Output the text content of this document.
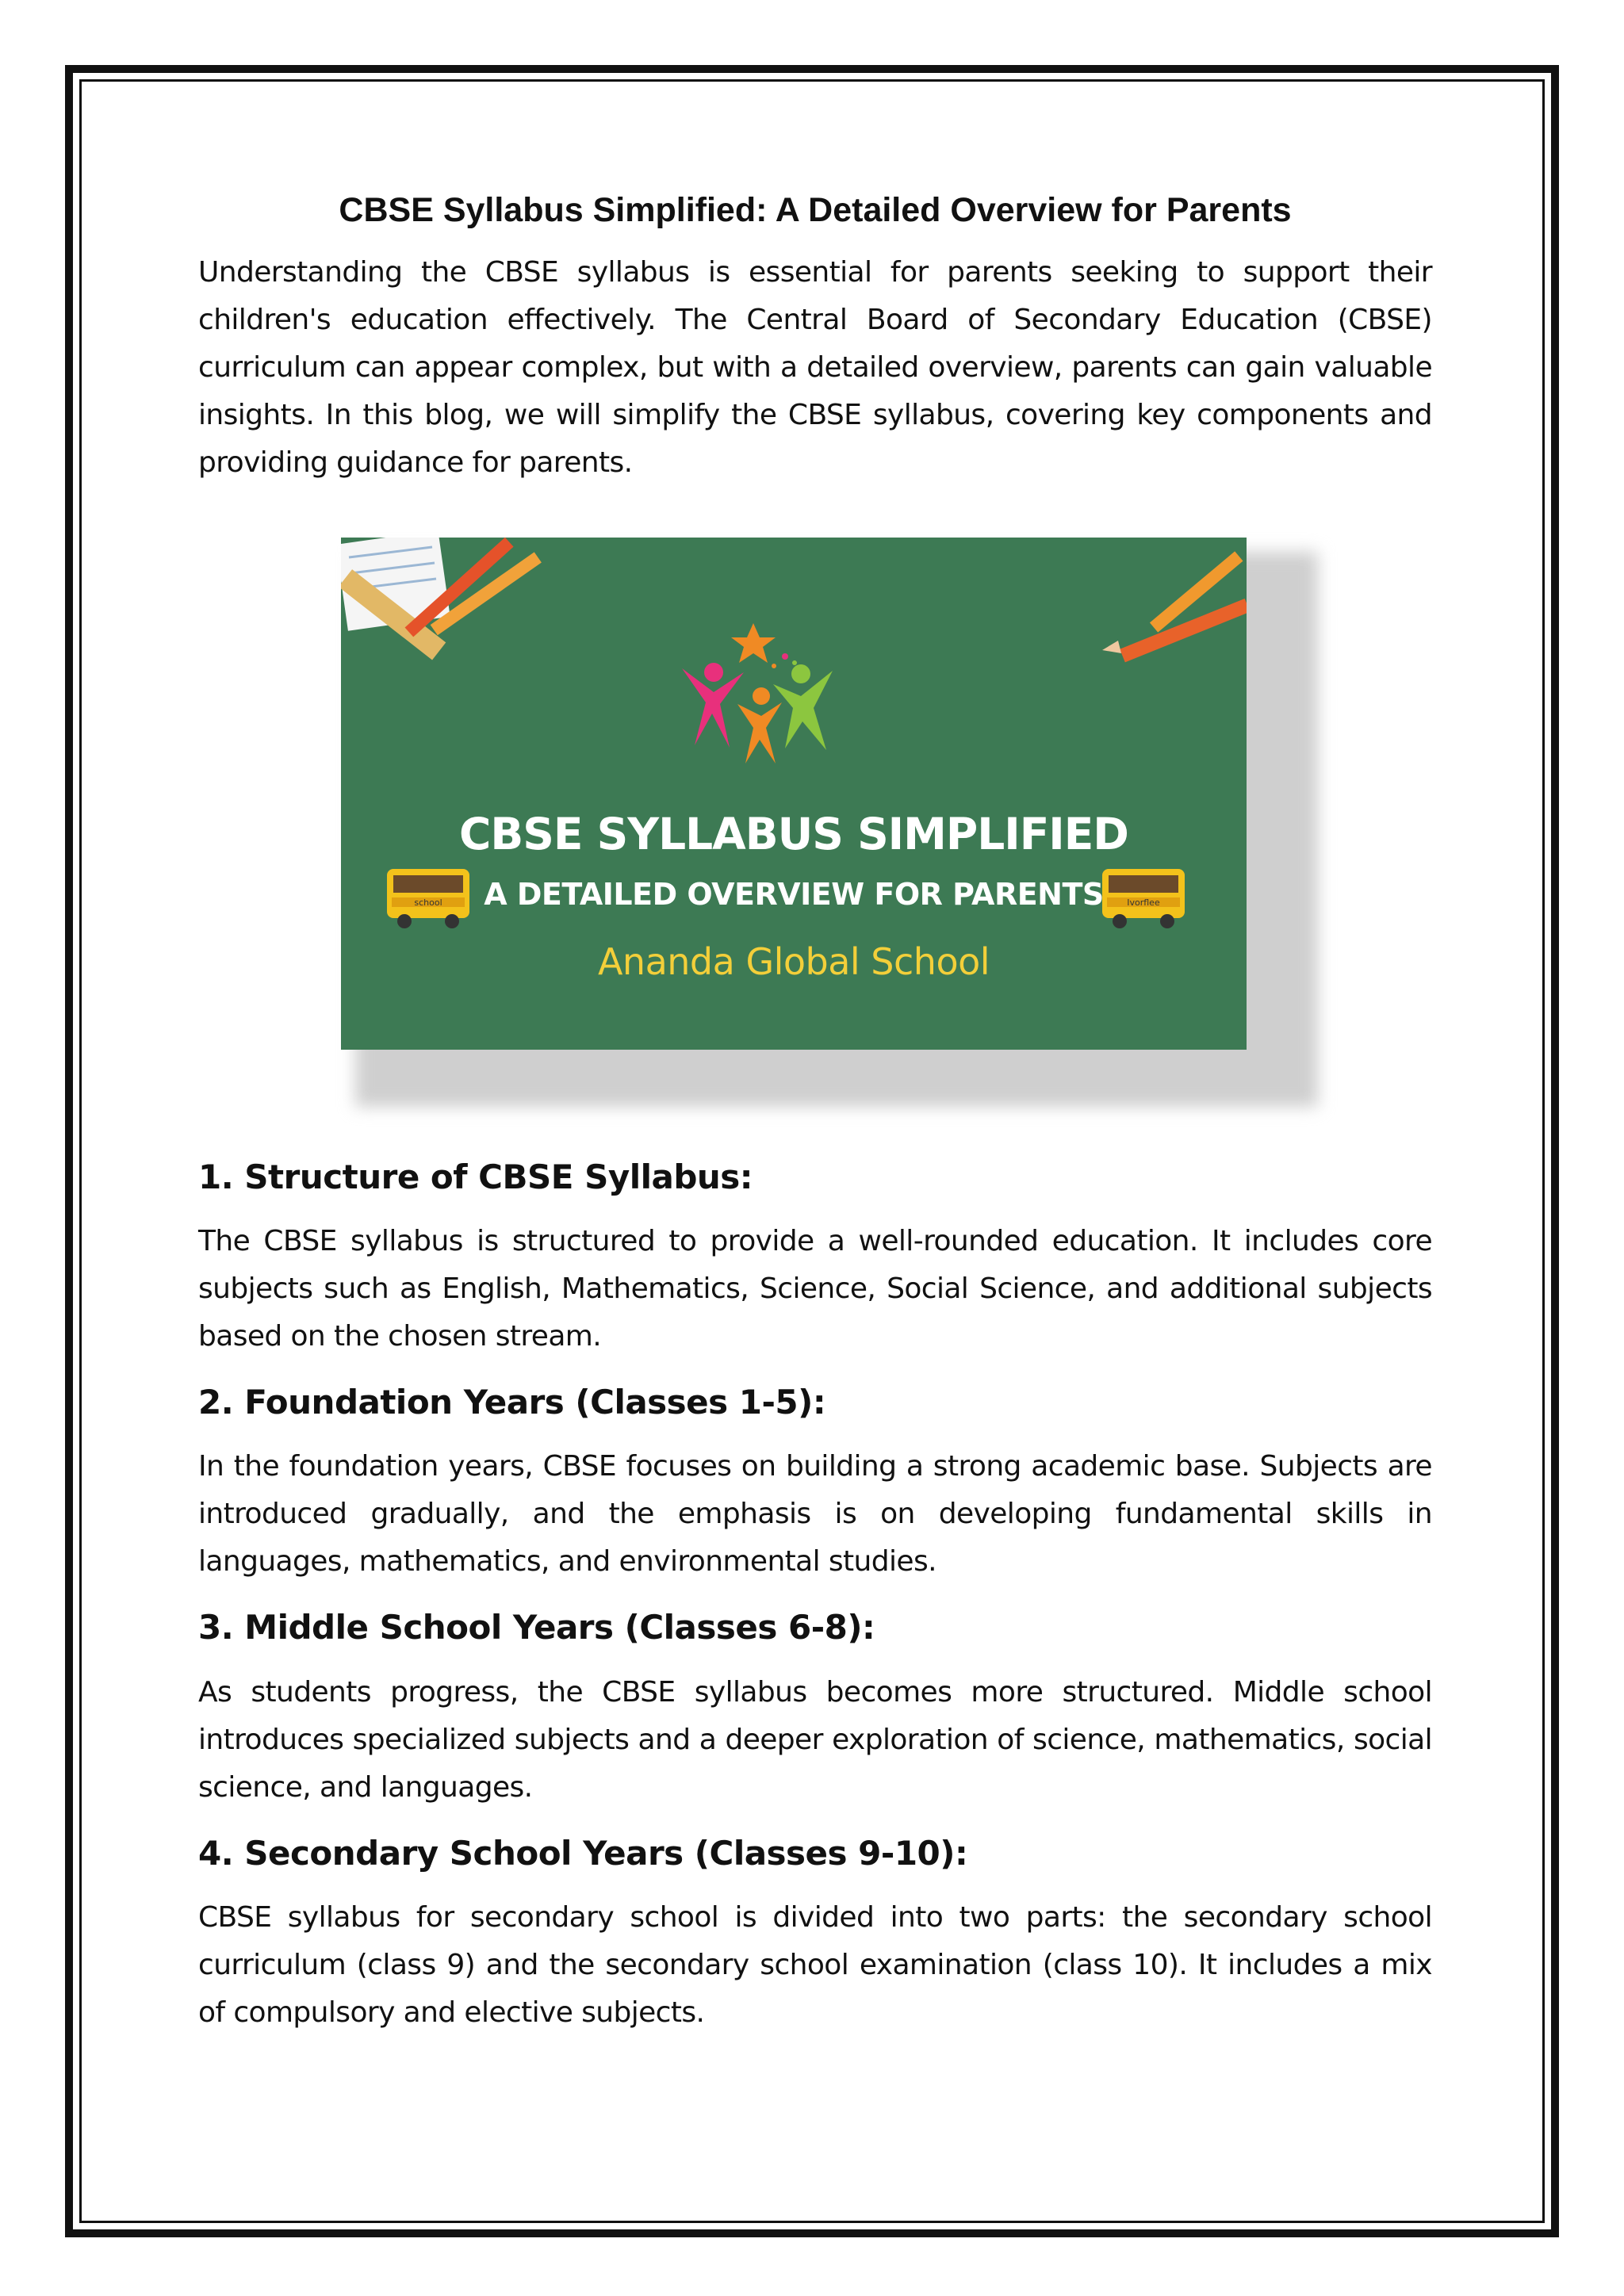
CBSE Syllabus Simplified: A Detailed Overview for Parents

Understanding the CBSE syllabus is essential for parents seeking to support their children's education effectively. The Central Board of Secondary Education (CBSE) curriculum can appear complex, but with a detailed overview, parents can gain valuable insights. In this blog, we will simplify the CBSE syllabus, covering key components and providing guidance for parents.

school	Ivorflee
CBSE SYLLABUS SIMPLIFIED
A DETAILED OVERVIEW FOR PARENTS
Ananda Global School
1. Structure of CBSE Syllabus:

The CBSE syllabus is structured to provide a well-rounded education. It includes core subjects such as English, Mathematics, Science, Social Science, and additional subjects based on the chosen stream.

2. Foundation Years (Classes 1-5):

In the foundation years, CBSE focuses on building a strong academic base. Subjects are introduced gradually, and the emphasis is on developing fundamental skills in languages, mathematics, and environmental studies.

3. Middle School Years (Classes 6-8):

As students progress, the CBSE syllabus becomes more structured. Middle school introduces specialized subjects and a deeper exploration of science, mathematics, social science, and languages.

4. Secondary School Years (Classes 9-10):

CBSE syllabus for secondary school is divided into two parts: the secondary school curriculum (class 9) and the secondary school examination (class 10). It includes a mix of compulsory and elective subjects.
